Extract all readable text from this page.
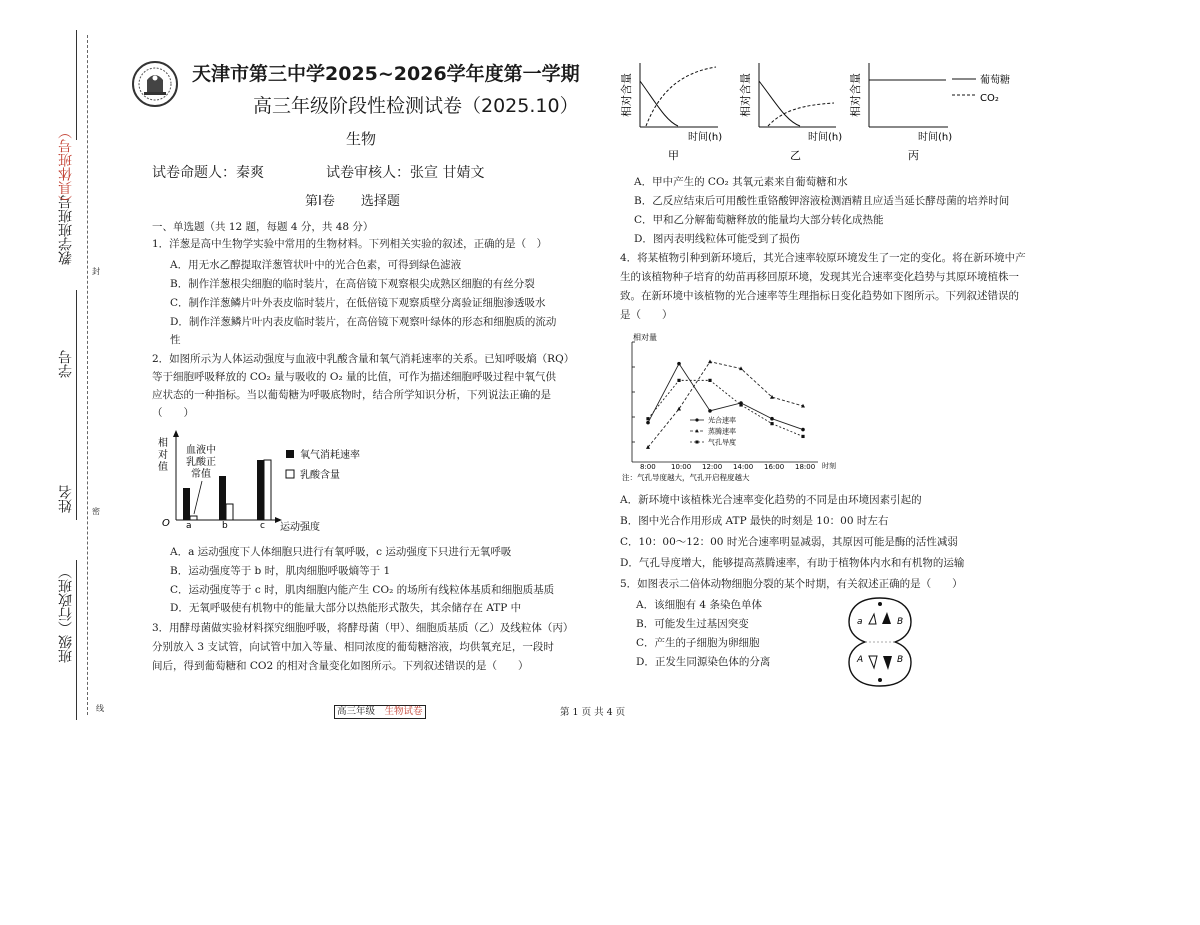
班级（行政班）
姓名
学号
教学班班号
（具体班号）
线
密
封
天津市第三中学2025~2026学年度第一学期
高三年级阶段性检测试卷（2025.10）
生物
试卷命题人：秦爽	试卷审核人：张宣 甘婧文
第Ⅰ卷　　选择题
一、单选题（共 12 题，每题 4 分，共 48 分）
1．洋葱是高中生物学实验中常用的生物材料。下列相关实验的叙述，正确的是（　）
A．用无水乙醇提取洋葱管状叶中的光合色素，可得到绿色滤液
B．制作洋葱根尖细胞的临时装片，在高倍镜下观察根尖成熟区细胞的有丝分裂
C．制作洋葱鳞片叶外表皮临时装片，在低倍镜下观察质壁分离验证细胞渗透吸水
D．制作洋葱鳞片叶内表皮临时装片，在高倍镜下观察叶绿体的形态和细胞质的流动
性
2．如图所示为人体运动强度与血液中乳酸含量和氧气消耗速率的关系。已知呼吸熵（RQ）
等于细胞呼吸释放的 CO₂ 量与吸收的 O₂ 量的比值，可作为描述细胞呼吸过程中氧气供
应状态的一种指标。当以葡萄糖为呼吸底物时，结合所学知识分析，下列说法正确的是
（　　）
相
对
值
O a	b	c 运动强度
血液中
乳酸正
常值
氧气消耗速率
乳酸含量
A．a 运动强度下人体细胞只进行有氧呼吸，c 运动强度下只进行无氧呼吸
B．运动强度等于 b 时，肌肉细胞呼吸熵等于 1
C．运动强度等于 c 时，肌肉细胞内能产生 CO₂ 的场所有线粒体基质和细胞质基质
D．无氧呼吸使有机物中的能量大部分以热能形式散失，其余储存在 ATP 中
3．用酵母菌做实验材料探究细胞呼吸，将酵母菌（甲）、细胞质基质（乙）及线粒体（丙）
分别放入 3 支试管，向试管中加入等量、相同浓度的葡萄糖溶液，均供氧充足，一段时
间后，得到葡萄糖和 CO2 的相对含量变化如图所示。下列叙述错误的是（　　）
高三年级　 生物试卷	第 1 页 共 4 页
相对含量
时间(h)
甲
相对含量
时间(h)
乙
相对含量
时间(h)
丙
葡萄糖
CO₂
A．甲中产生的 CO₂ 其氧元素来自葡萄糖和水
B．乙反应结束后可用酸性重铬酸钾溶液检测酒精且应适当延长酵母菌的培养时间
C．甲和乙分解葡萄糖释放的能量均大部分转化成热能
D．图丙表明线粒体可能受到了损伤
4．将某植物引种到新环境后，其光合速率较原环境发生了一定的变化。将在新环境中产
生的该植物种子培育的幼苗再移回原环境，发现其光合速率变化趋势与其原环境植株一
致。在新环境中该植物的光合速率等生理指标日变化趋势如下图所示。下列叙述错误的
是（　　）
相对量
8:00 10:00 12:00 14:00 16:00 18:00 时刻
光合速率
蒸腾速率
气孔导度
注：气孔导度越大，气孔开启程度越大
A．新环境中该植株光合速率变化趋势的不同是由环境因素引起的
B．图中光合作用形成 ATP 最快的时刻是 10：00 时左右
C．10：00～12：00 时光合速率明显减弱，其原因可能是酶的活性减弱
D．气孔导度增大，能够提高蒸腾速率，有助于植物体内水和有机物的运输
5．如图表示二倍体动物细胞分裂的某个时期，有关叙述正确的是（　　）
A．该细胞有 4 条染色单体
B．可能发生过基因突变
C．产生的子细胞为卵细胞
D．正发生同源染色体的分离
a	B
A	B
